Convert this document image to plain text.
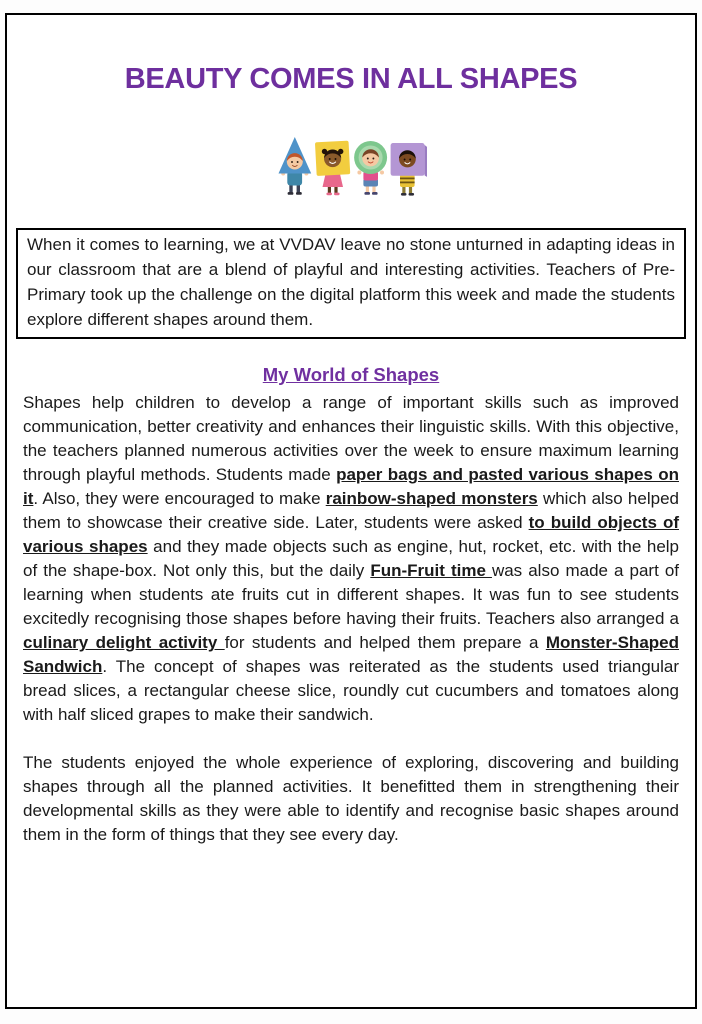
BEAUTY COMES IN ALL SHAPES

When it comes to learning, we at VVDAV leave no stone unturned in adapting ideas in our classroom that are a blend of playful and interesting activities. Teachers of Pre-Primary took up the challenge on the digital platform this week and made the students explore different shapes around them.

My World of Shapes

Shapes help children to develop a range of important skills such as improved communication, better creativity and enhances their linguistic skills. With this objective, the teachers planned numerous activities over the week to ensure maximum learning through playful methods. Students made paper bags and pasted various shapes on it. Also, they were encouraged to make rainbow-shaped monsters which also helped them to showcase their creative side. Later, students were asked to build objects of various shapes and they made objects such as engine, hut, rocket, etc. with the help of the shape-box. Not only this, but the daily Fun-Fruit time was also made a part of learning when students ate fruits cut in different shapes. It was fun to see students excitedly recognising those shapes before having their fruits. Teachers also arranged a culinary delight activity for students and helped them prepare a Monster-Shaped Sandwich. The concept of shapes was reiterated as the students used triangular bread slices, a rectangular cheese slice, roundly cut cucumbers and tomatoes along with half sliced grapes to make their sandwich.

The students enjoyed the whole experience of exploring, discovering and building shapes through all the planned activities. It benefitted them in strengthening their developmental skills as they were able to identify and recognise basic shapes around them in the form of things that they see every day.
